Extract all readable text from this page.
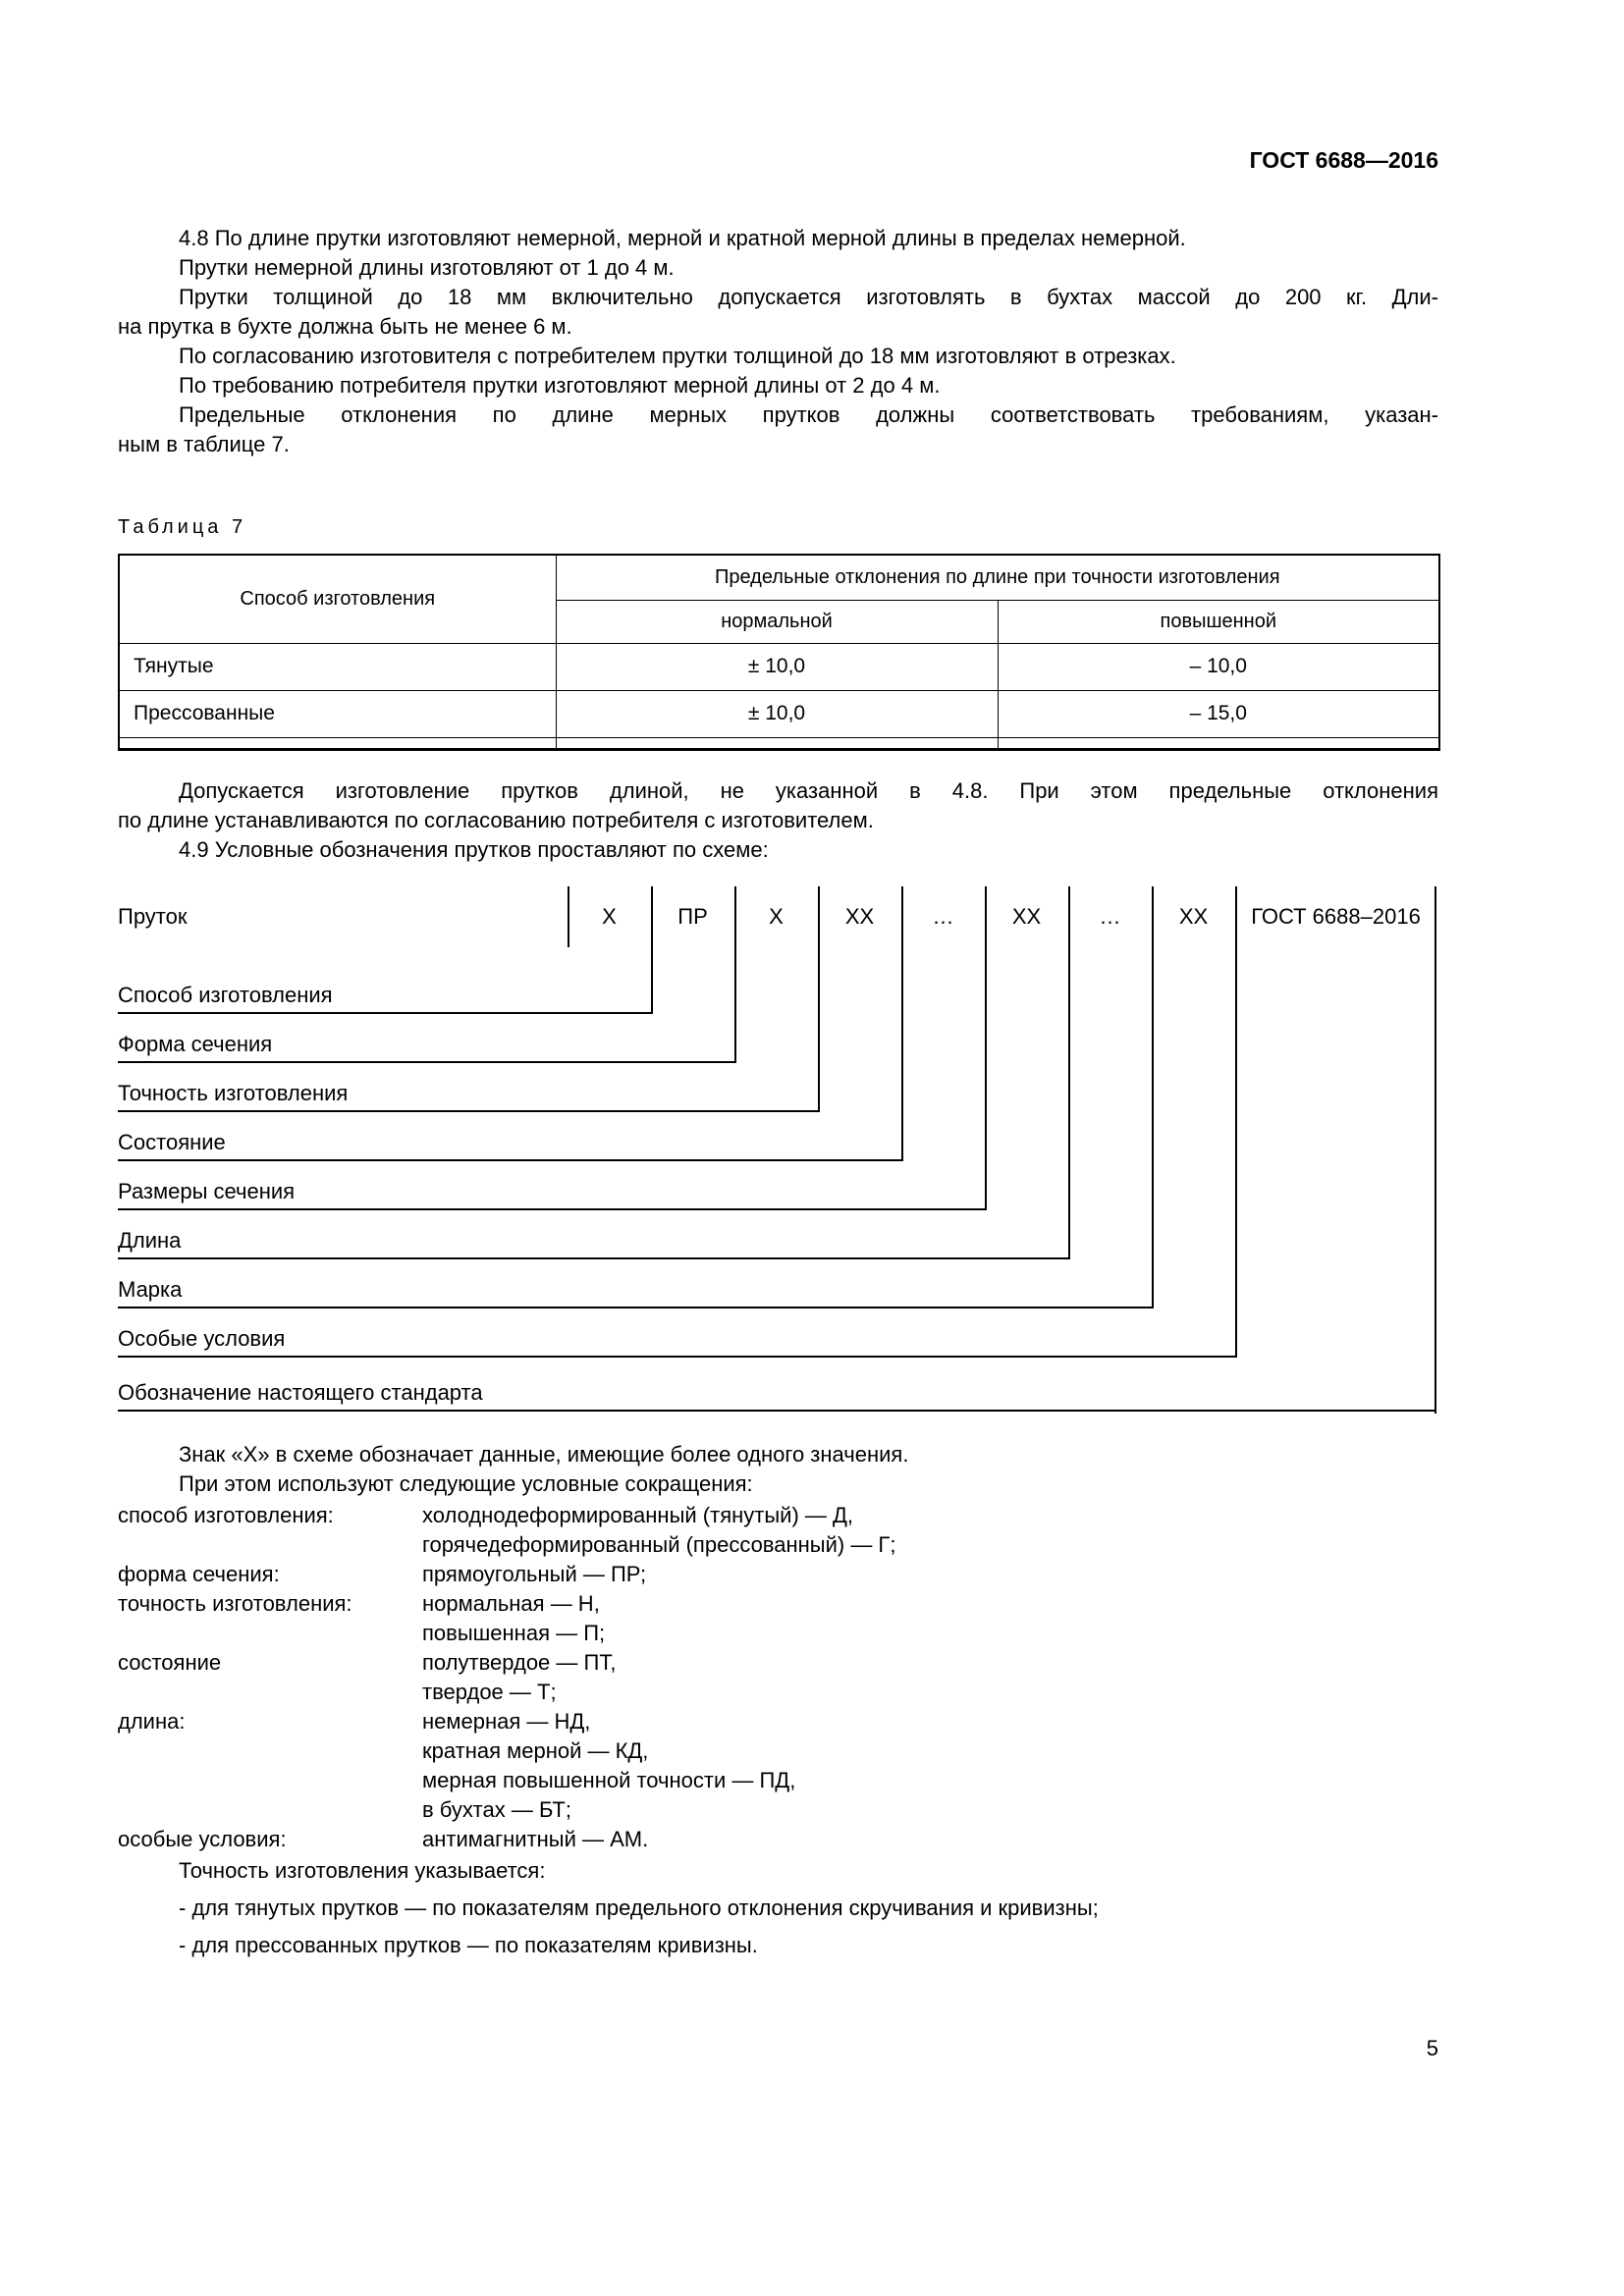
ГОСТ 6688—2016
4.8 По длине прутки изготовляют немерной, мерной и кратной мерной длины в пределах немерной.
Прутки немерной длины изготовляют от 1 до 4 м.
Прутки толщиной до 18 мм включительно допускается изготовлять в бухтах массой до 200 кг. Дли-
на прутка в бухте должна быть не менее 6 м.
По согласованию изготовителя с потребителем прутки толщиной до 18 мм изготовляют в отрезках.
По требованию потребителя прутки изготовляют мерной длины от 2 до 4 м.
Предельные отклонения по длине мерных прутков должны соответствовать требованиям, указан-
ным в таблице 7.
Таблица 7
Способ изготовления	Предельные отклонения по длине при точности изготовления	
	нормальной	повышенной
Тянутые	± 10,0	– 10,0
Прессованные	± 10,0	– 15,0

Допускается изготовление прутков длиной, не указанной в 4.8. При этом предельные отклонения
по длине устанавливаются по согласованию потребителя с изготовителем.
4.9 Условные обозначения прутков проставляют по схеме:
Пруток	Х	ПР	Х	ХХ	…	ХХ	…	ХХ	ГОСТ 6688–2016
Способ изготовления
Форма сечения
Точность изготовления
Состояние
Размеры сечения
Длина
Марка
Особые условия
Обозначение настоящего стандарта
Знак «Х» в схеме обозначает данные, имеющие более одного значения.
При этом используют следующие условные сокращения:
способ изготовления:	холоднодеформированный (тянутый) — Д,
горячедеформированный (прессованный) — Г;
форма сечения:	прямоугольный — ПР;
точность изготовления:	нормальная — Н,
повышенная — П;
состояние	полутвердое — ПТ,
твердое — Т;
длина:	немерная — НД,
кратная мерной — КД,
мерная повышенной точности — ПД,
в бухтах — БТ;
особые условия:	антимагнитный — АМ.
Точность изготовления указывается:
- для тянутых прутков — по показателям предельного отклонения скручивания и кривизны;
- для прессованных прутков — по показателям кривизны.
5
